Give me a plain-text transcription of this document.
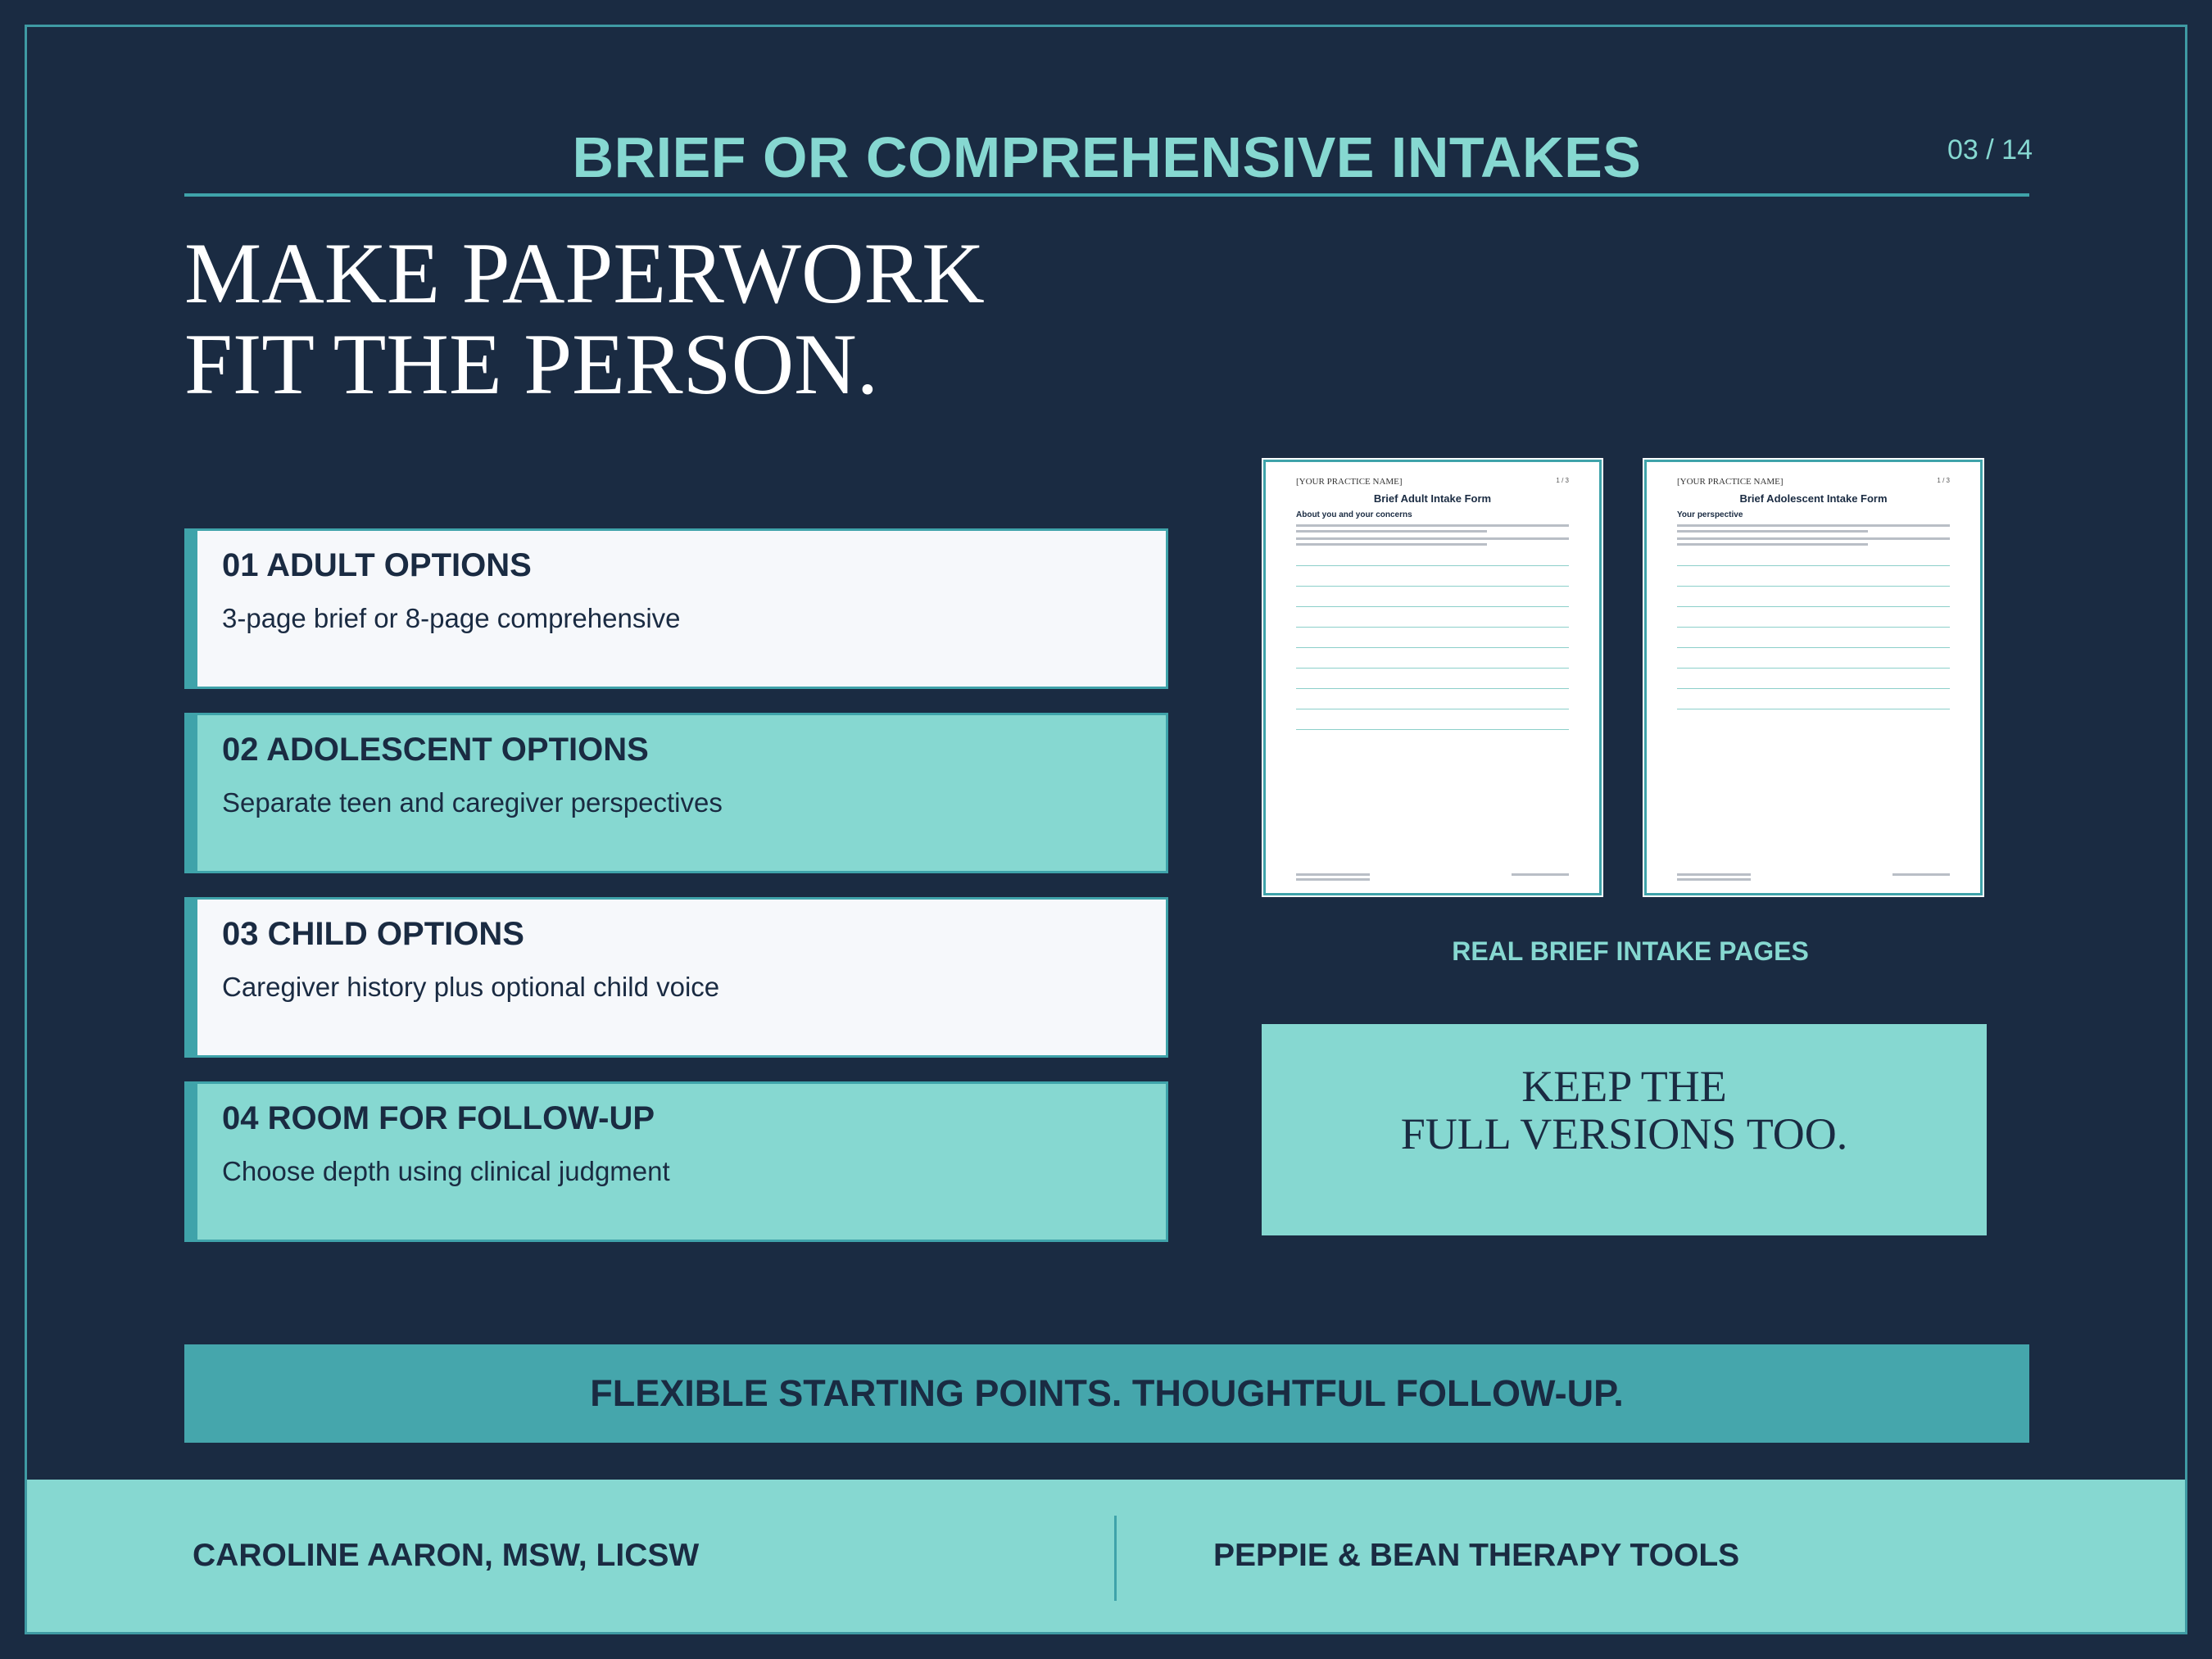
BRIEF OR COMPREHENSIVE INTAKES	03 / 14
MAKE PAPERWORK
FIT THE PERSON.
01 ADULT OPTIONS
3-page brief or 8-page comprehensive
02 ADOLESCENT OPTIONS
Separate teen and caregiver perspectives
03 CHILD OPTIONS
Caregiver history plus optional child voice
04 ROOM FOR FOLLOW-UP
Choose depth using clinical judgment
[YOUR PRACTICE NAME]	1 / 3
Brief Adult Intake Form
About you and your concerns
[YOUR PRACTICE NAME]	1 / 3
Brief Adolescent Intake Form
Your perspective
REAL BRIEF INTAKE PAGES
KEEP THE
FULL VERSIONS TOO.
FLEXIBLE STARTING POINTS. THOUGHTFUL FOLLOW-UP.
CAROLINE AARON, MSW, LICSW	PEPPIE & BEAN THERAPY TOOLS
